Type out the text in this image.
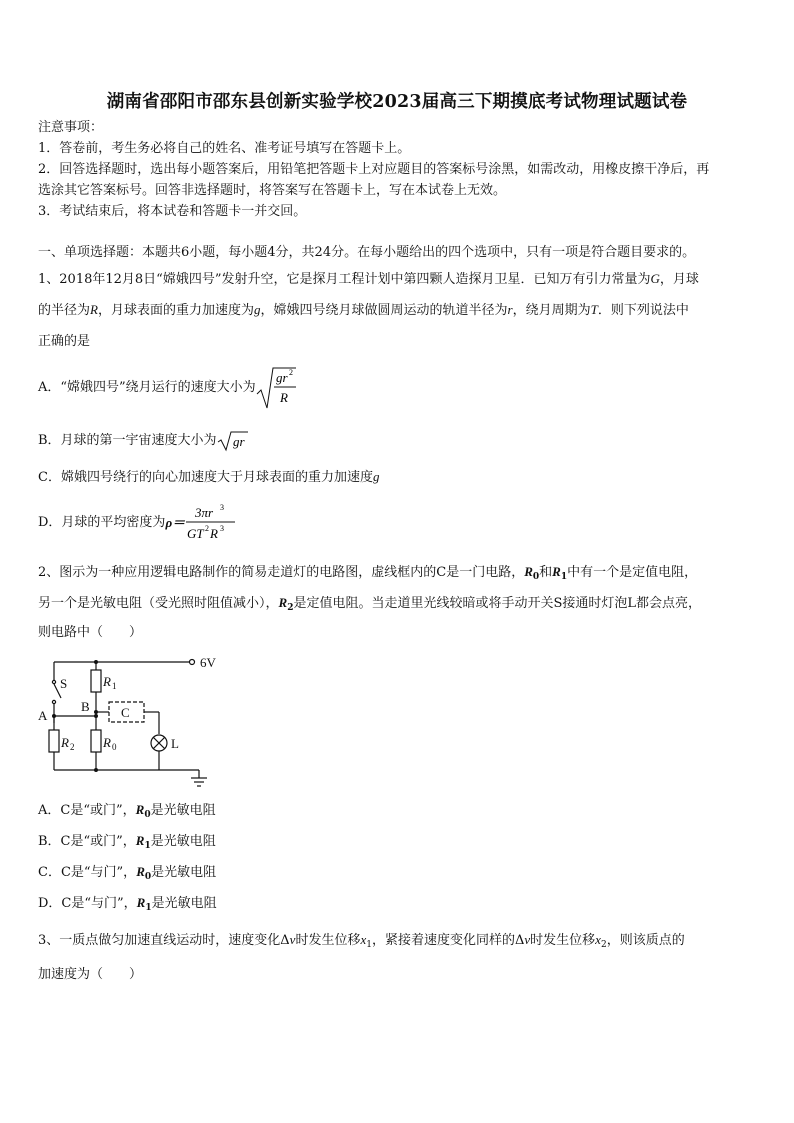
湖南省邵阳市邵东县创新实验学校2023届高三下期摸底考试物理试题试卷
注意事项：
1．答卷前，考生务必将自己的姓名、准考证号填写在答题卡上。
2．回答选择题时，选出每小题答案后，用铅笔把答题卡上对应题目的答案标号涂黑，如需改动，用橡皮擦干净后，再
选涂其它答案标号。回答非选择题时，将答案写在答题卡上，写在本试卷上无效。
3．考试结束后，将本试卷和答题卡一并交回。
一、单项选择题：本题共6小题，每小题4分，共24分。在每小题给出的四个选项中，只有一项是符合题目要求的。
1、2018年12月8日“嫦娥四号”发射升空，它是探月工程计划中第四颗人造探月卫星．已知万有引力常量为G，月球
的半径为R，月球表面的重力加速度为g，嫦娥四号绕月球做圆周运动的轨道半径为r，绕月周期为T．则下列说法中
正确的是
A．“嫦娥四号”绕月运行的速度大小为
gr 2
R
B．月球的第一宇宙速度大小为 gr
C．嫦娥四号绕行的向心加速度大于月球表面的重力加速度g
D．月球的平均密度为ρ＝
3πr 3
GT 2 R 3
2、图示为一种应用逻辑电路制作的简易走道灯的电路图，虚线框内的C是一门电路，$R_0$和$R_1$中有一个是定值电阻，
另一个是光敏电阻（受光照时阻值减小），$R_2$是定值电阻。当走道里光线较暗或将手动开关S接通时灯泡L都会点亮，
则电路中（　　）
6V
S
A
B C
L
R 1
R 2 R 0
A．C是“或门”，$R_0$是光敏电阻
B．C是“或门”，$R_1$是光敏电阻
C．C是“与门”，$R_0$是光敏电阻
D．C是“与门”，$R_1$是光敏电阻
3、一质点做匀加速直线运动时，速度变化Δv时发生位移$x_1$，紧接着速度变化同样的Δv时发生位移$x_2$，则该质点的
加速度为（　　）
